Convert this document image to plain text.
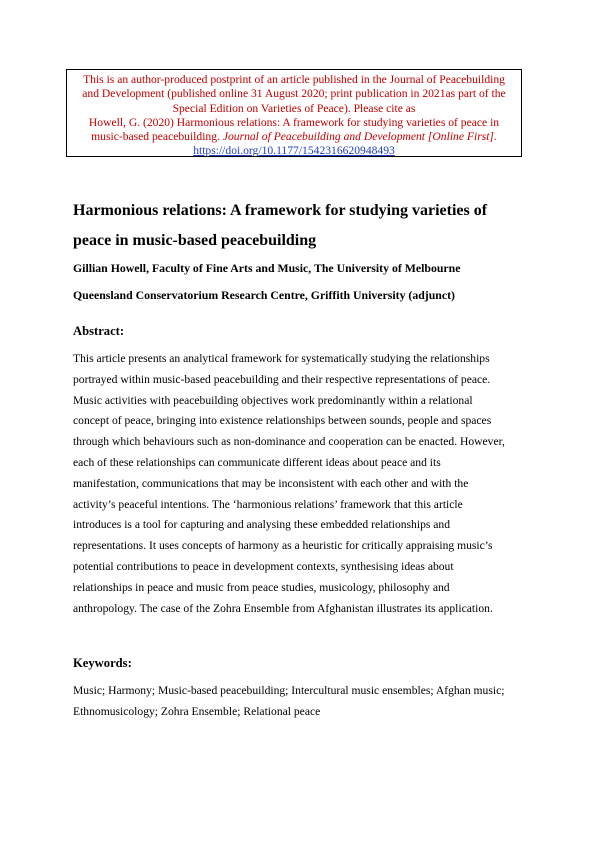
This is an author-produced postprint of an article published in the Journal of Peacebuilding
and Development (published online 31 August 2020; print publication in 2021as part of the
Special Edition on Varieties of Peace). Please cite as
Howell, G. (2020) Harmonious relations: A framework for studying varieties of peace in
music-based peacebuilding. Journal of Peacebuilding and Development [Online First].
https://doi.org/10.1177/1542316620948493
Harmonious relations: A framework for studying varieties of
peace in music-based peacebuilding

Gillian Howell, Faculty of Fine Arts and Music, The University of Melbourne

Queensland Conservatorium Research Centre, Griffith University (adjunct)

Abstract:
This article presents an analytical framework for systematically studying the relationships
portrayed within music-based peacebuilding and their respective representations of peace.
Music activities with peacebuilding objectives work predominantly within a relational
concept of peace, bringing into existence relationships between sounds, people and spaces
through which behaviours such as non-dominance and cooperation can be enacted. However,
each of these relationships can communicate different ideas about peace and its
manifestation, communications that may be inconsistent with each other and with the
activity’s peaceful intentions. The ‘harmonious relations’ framework that this article
introduces is a tool for capturing and analysing these embedded relationships and
representations. It uses concepts of harmony as a heuristic for critically appraising music’s
potential contributions to peace in development contexts, synthesising ideas about
relationships in peace and music from peace studies, musicology, philosophy and
anthropology. The case of the Zohra Ensemble from Afghanistan illustrates its application.
Keywords:
Music; Harmony; Music-based peacebuilding; Intercultural music ensembles; Afghan music;
Ethnomusicology; Zohra Ensemble; Relational peace
